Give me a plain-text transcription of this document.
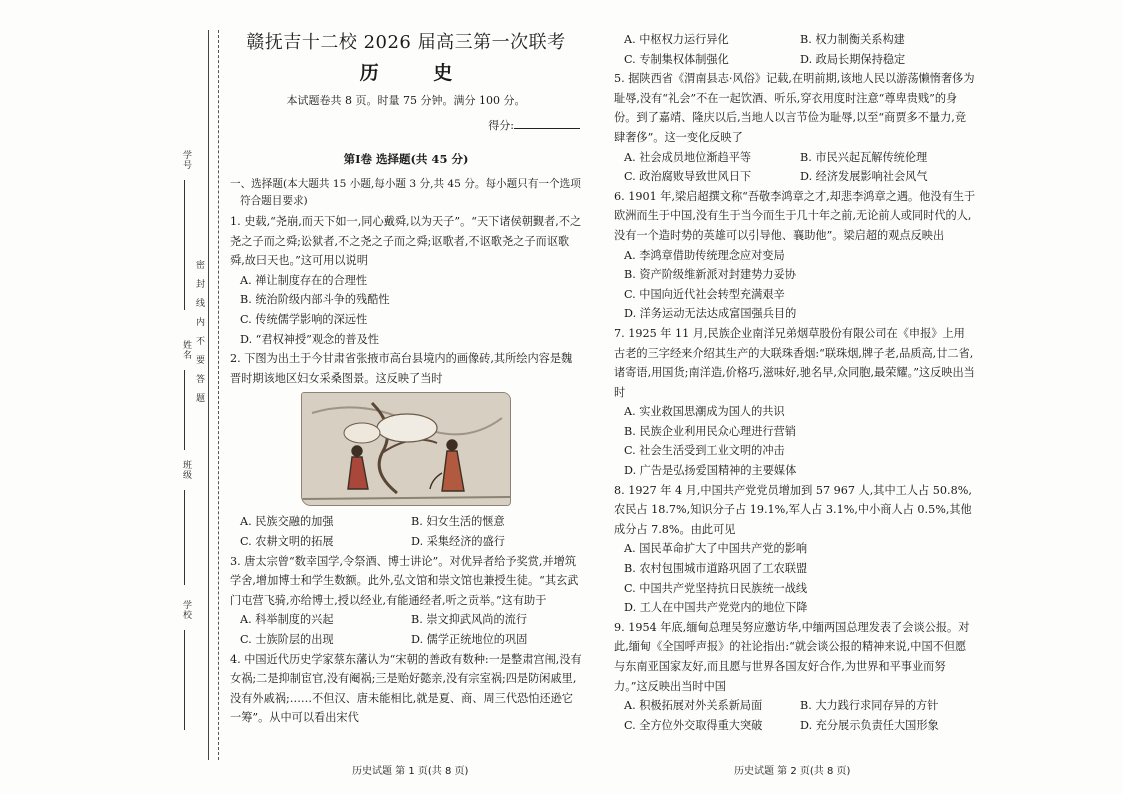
学号
姓名
班级
学校
密封线内不要答题
赣抚吉十二校 2026 届高三第一次联考
历 史
本试题卷共 8 页。时量 75 分钟。满分 100 分。
得分:
第Ⅰ卷 选择题(共 45 分)
一、选择题(本大题共 15 小题,每小题 3 分,共 45 分。每小题只有一个选项符合题目要求)
1. 史载,“尧崩,而天下如一,同心戴舜,以为天子”。“天下诸侯朝觐者,不之尧之子而之舜;讼狱者,不之尧之子而之舜;讴歌者,不讴歌尧之子而讴歌舜,故曰天也。”这可用以说明
A. 禅让制度存在的合理性
B. 统治阶级内部斗争的残酷性
C. 传统儒学影响的深远性
D. “君权神授”观念的普及性
2. 下图为出土于今甘肃省张掖市高台县境内的画像砖,其所绘内容是魏晋时期该地区妇女采桑图景。这反映了当时
A. 民族交融的加强	B. 妇女生活的惬意
C. 农耕文明的拓展	D. 采集经济的盛行
3. 唐太宗曾“数幸国学,令祭酒、博士讲论”。对优异者给予奖赏,并增筑学舍,增加博士和学生数额。此外,弘文馆和崇文馆也兼授生徒。“其玄武门屯营飞骑,亦给博士,授以经业,有能通经者,听之贡举。”这有助于
A. 科举制度的兴起	B. 崇文抑武风尚的流行
C. 士族阶层的出现	D. 儒学正统地位的巩固
4. 中国近代历史学家蔡东藩认为“宋朝的善政有数种:一是整肃宫闱,没有女祸;二是抑制宦官,没有阉祸;三是贻好懿亲,没有宗室祸;四是防闲戚里,没有外戚祸;……不但汉、唐未能相比,就是夏、商、周三代恐怕还逊它一筹”。从中可以看出宋代
A. 中枢权力运行异化	B. 权力制衡关系构建
C. 专制集权体制强化	D. 政局长期保持稳定
5. 据陕西省《渭南县志·风俗》记载,在明前期,该地人民以游荡懒惰奢侈为耻辱,没有“礼会”不在一起饮酒、听乐,穿衣用度时注意“尊卑贵贱”的身份。到了嘉靖、隆庆以后,当地人以言节俭为耻辱,以至“商贾多不量力,竞肆奢侈”。这一变化反映了
A. 社会成员地位渐趋平等	B. 市民兴起瓦解传统伦理
C. 政治腐败导致世风日下	D. 经济发展影响社会风气
6. 1901 年,梁启超撰文称“吾敬李鸿章之才,却悲李鸿章之遇。他没有生于欧洲而生于中国,没有生于当今而生于几十年之前,无论前人或同时代的人,没有一个造时势的英雄可以引导他、襄助他”。梁启超的观点反映出
A. 李鸿章借助传统理念应对变局
B. 资产阶级维新派对封建势力妥协
C. 中国向近代社会转型充满艰辛
D. 洋务运动无法达成富国强兵目的
7. 1925 年 11 月,民族企业南洋兄弟烟草股份有限公司在《申报》上用古老的三字经来介绍其生产的大联珠香烟:“联珠烟,牌子老,品质高,廿二省,诸寄语,用国货;南洋造,价格巧,滋味好,驰名早,众同胞,最荣耀。”这反映出当时
A. 实业救国思潮成为国人的共识
B. 民族企业利用民众心理进行营销
C. 社会生活受到工业文明的冲击
D. 广告是弘扬爱国精神的主要媒体
8. 1927 年 4 月,中国共产党党员增加到 57 967 人,其中工人占 50.8%,农民占 18.7%,知识分子占 19.1%,军人占 3.1%,中小商人占 0.5%,其他成分占 7.8%。由此可见
A. 国民革命扩大了中国共产党的影响
B. 农村包围城市道路巩固了工农联盟
C. 中国共产党坚持抗日民族统一战线
D. 工人在中国共产党党内的地位下降
9. 1954 年底,缅甸总理吴努应邀访华,中缅两国总理发表了会谈公报。对此,缅甸《全国呼声报》的社论指出:“就会谈公报的精神来说,中国不但愿与东南亚国家友好,而且愿与世界各国友好合作,为世界和平事业而努力。”这反映出当时中国
A. 积极拓展对外关系新局面	B. 大力践行求同存异的方针
C. 全方位外交取得重大突破	D. 充分展示负责任大国形象
历史试题 第 1 页(共 8 页)	历史试题 第 2 页(共 8 页)
